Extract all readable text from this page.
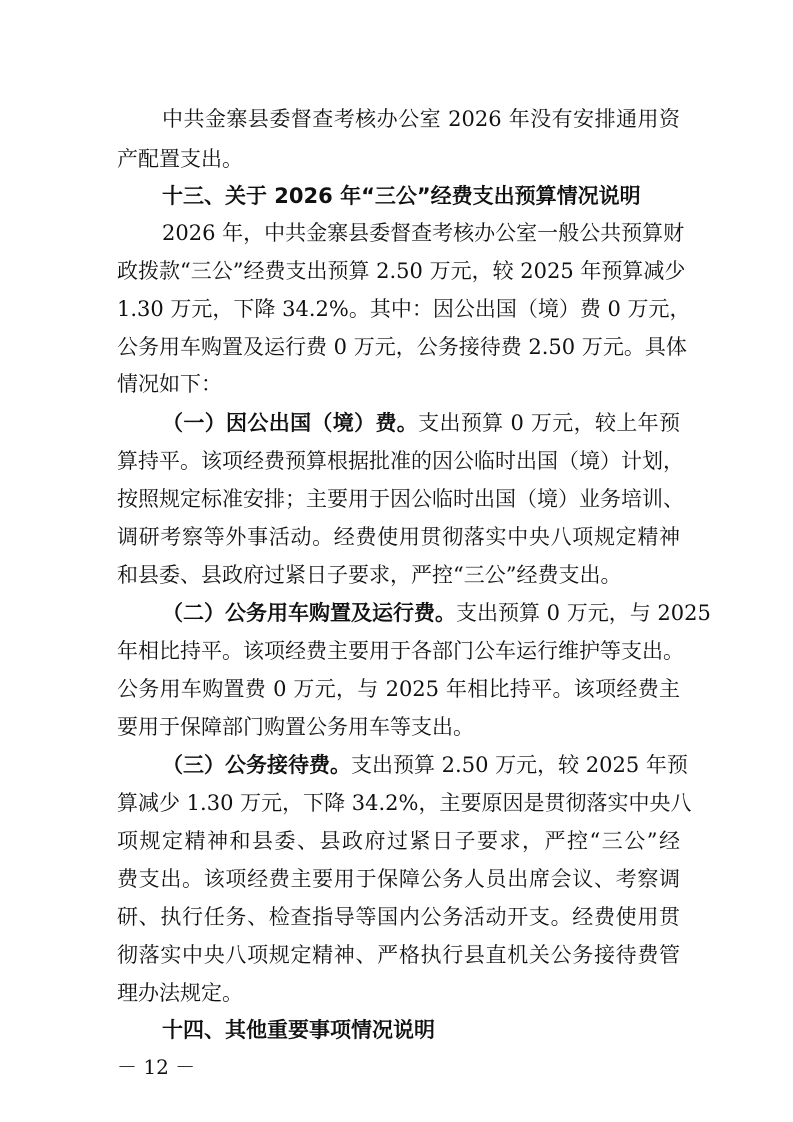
中共金寨县委督查考核办公室 2026 年没有安排通用资
产配置支出。
十三、关于 2026 年“三公”经费支出预算情况说明
2026 年，中共金寨县委督查考核办公室一般公共预算财
政拨款“三公”经费支出预算 2.50 万元，较 2025 年预算减少
1.30 万元，下降 34.2%。其中：因公出国（境）费 0 万元，
公务用车购置及运行费 0 万元，公务接待费 2.50 万元。具体
情况如下：
（一）因公出国（境）费。支出预算 0 万元，较上年预
算持平。该项经费预算根据批准的因公临时出国（境）计划，
按照规定标准安排；主要用于因公临时出国（境）业务培训、
调研考察等外事活动。经费使用贯彻落实中央八项规定精神
和县委、县政府过紧日子要求，严控“三公”经费支出。
（二）公务用车购置及运行费。支出预算 0 万元，与 2025
年相比持平。该项经费主要用于各部门公车运行维护等支出。
公务用车购置费 0 万元，与 2025 年相比持平。该项经费主
要用于保障部门购置公务用车等支出。
（三）公务接待费。支出预算 2.50 万元，较 2025 年预
算减少 1.30 万元，下降 34.2%，主要原因是贯彻落实中央八
项规定精神和县委、县政府过紧日子要求，严控“三公”经
费支出。该项经费主要用于保障公务人员出席会议、考察调
研、执行任务、检查指导等国内公务活动开支。经费使用贯
彻落实中央八项规定精神、严格执行县直机关公务接待费管
理办法规定。
十四、其他重要事项情况说明
－ 12 －
